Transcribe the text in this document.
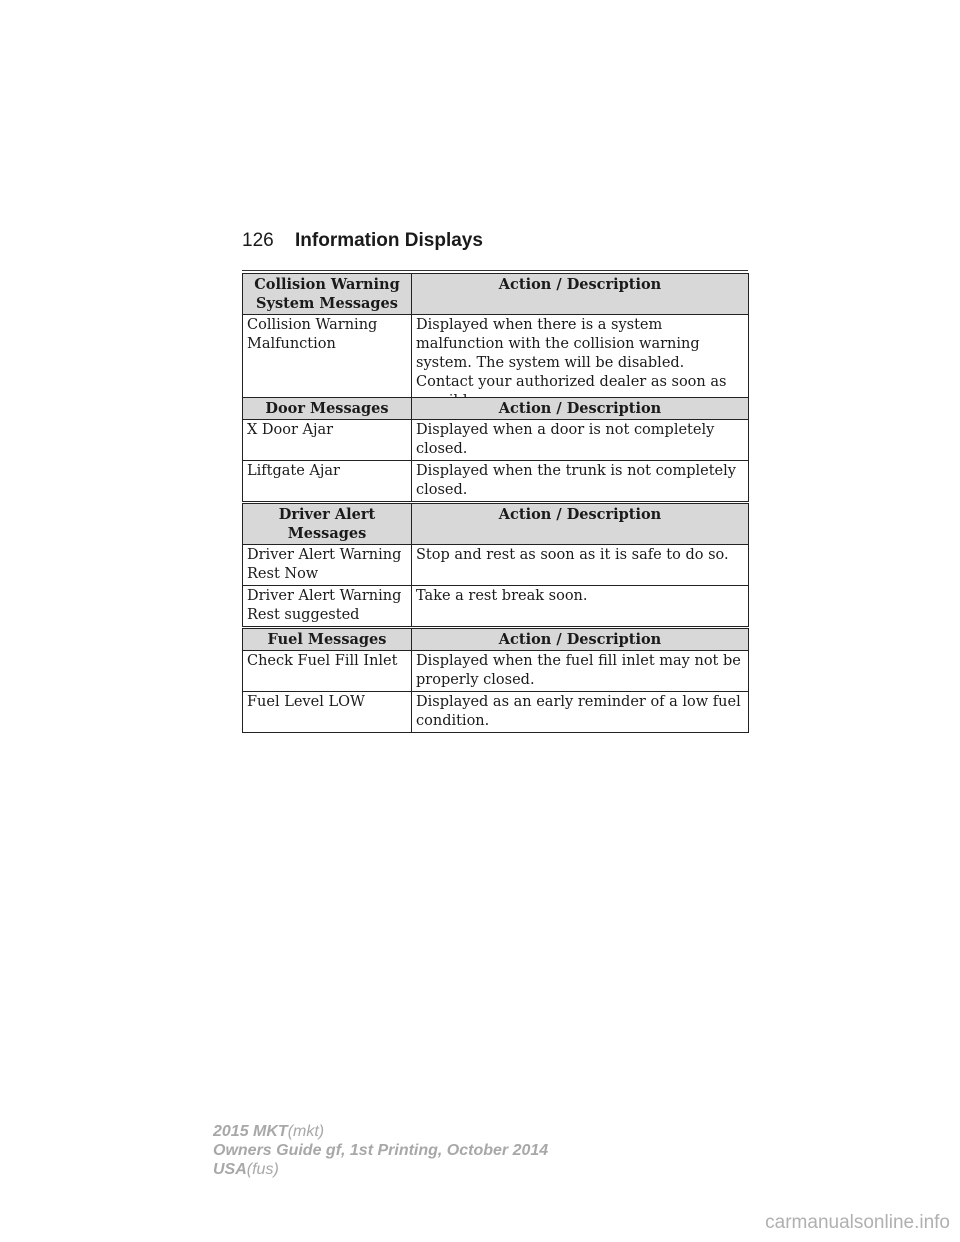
126 Information Displays
Collision Warning System Messages	Action / Description
Collision Warning Malfunction	Displayed when there is a system malfunction with the collision warning system. The system will be disabled. Contact your authorized dealer as soon as
Door Messages	Action / Description
X Door Ajar	Displayed when a door is not completely closed.
Liftgate Ajar	Displayed when the trunk is not completely closed.
Driver Alert Messages	Action / Description
Driver Alert Warning Rest Now	Stop and rest as soon as it is safe to do so.
Driver Alert Warning Rest suggested	Take a rest break soon.
Fuel Messages	Action / Description
Check Fuel Fill Inlet	Displayed when the fuel fill inlet may not be properly closed.
Fuel Level LOW	Displayed as an early reminder of a low fuel condition.
2015 MKT(mkt)
Owners Guide gf, 1st Printing, October 2014
USA(fus)
carmanualsonline.info
